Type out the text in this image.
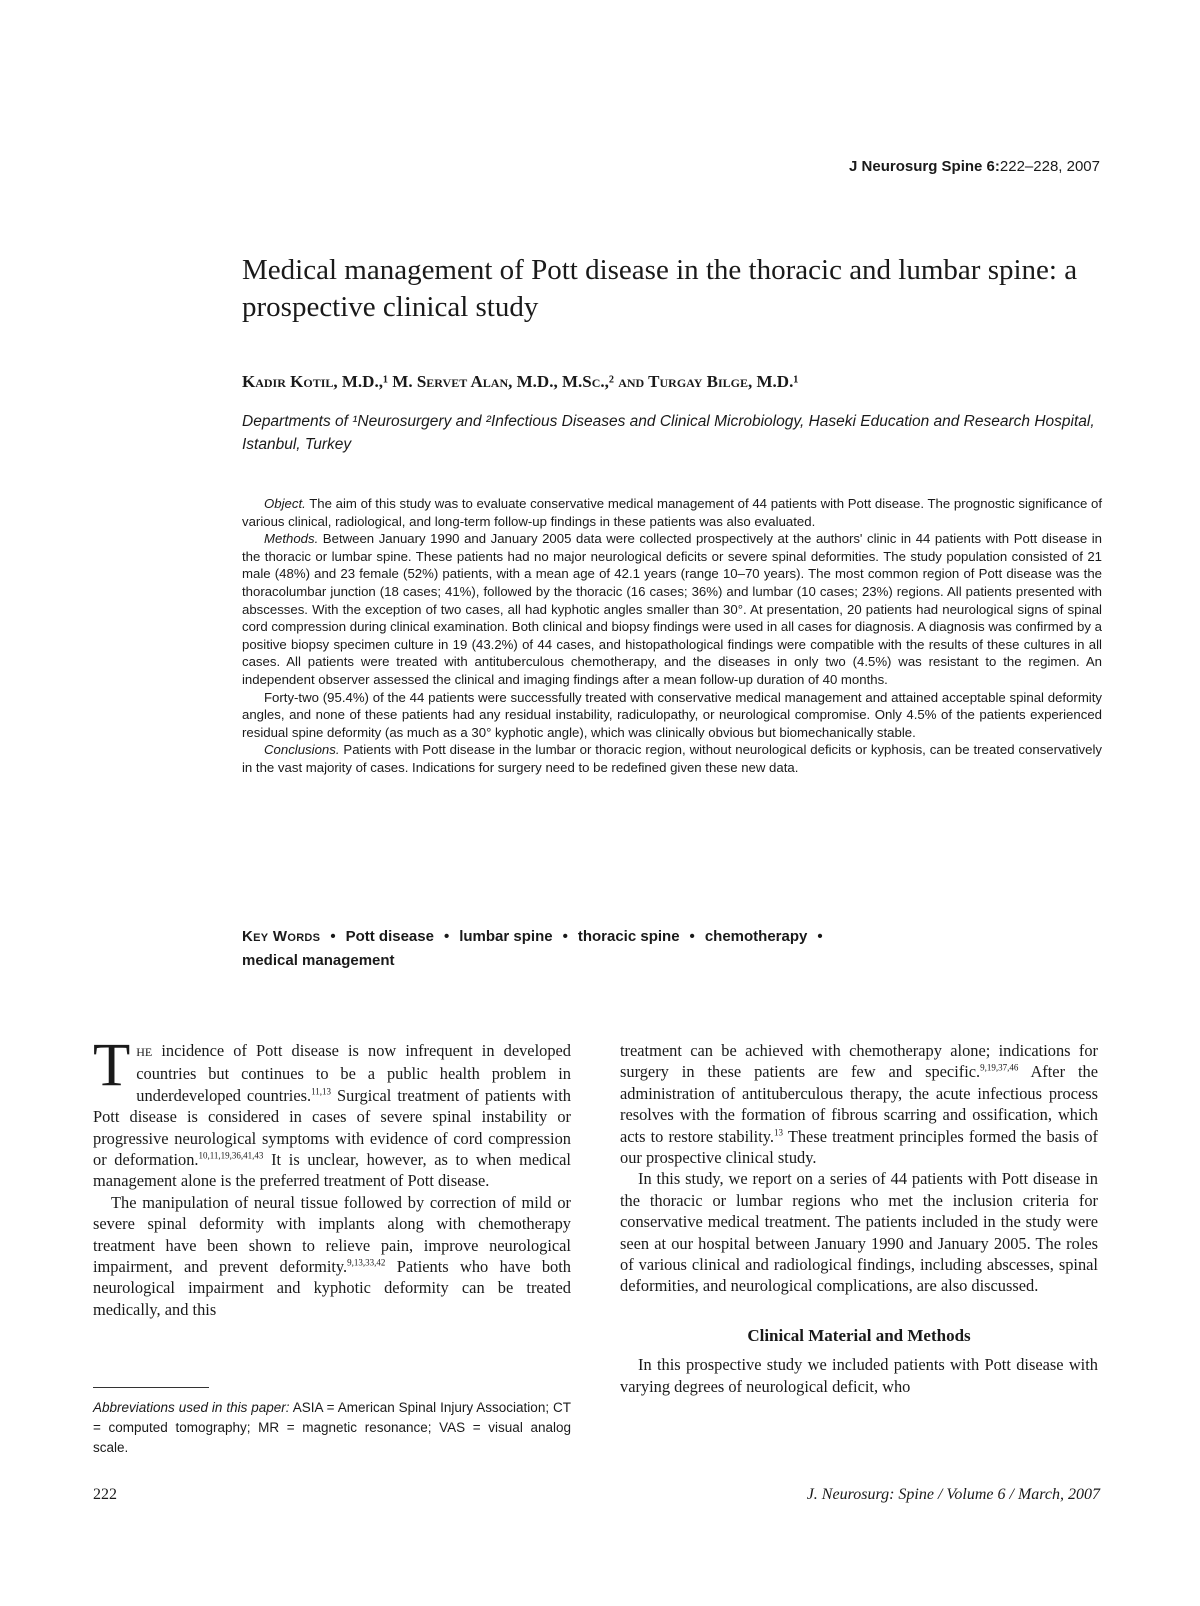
J Neurosurg Spine 6:222–228, 2007
Medical management of Pott disease in the thoracic and lumbar spine: a prospective clinical study

Kadir Kotil, M.D.,¹ M. Servet Alan, M.D., M.Sc.,² and Turgay Bilge, M.D.¹

Departments of ¹Neurosurgery and ²Infectious Diseases and Clinical Microbiology, Haseki Education and Research Hospital, Istanbul, Turkey

Object. The aim of this study was to evaluate conservative medical management of 44 patients with Pott disease. The prognostic significance of various clinical, radiological, and long-term follow-up findings in these patients was also evaluated.

Methods. Between January 1990 and January 2005 data were collected prospectively at the authors' clinic in 44 patients with Pott disease in the thoracic or lumbar spine. These patients had no major neurological deficits or severe spinal deformities. The study population consisted of 21 male (48%) and 23 female (52%) patients, with a mean age of 42.1 years (range 10–70 years). The most common region of Pott disease was the thoracolumbar junction (18 cases; 41%), followed by the thoracic (16 cases; 36%) and lumbar (10 cases; 23%) regions. All patients presented with abscesses. With the exception of two cases, all had kyphotic angles smaller than 30°. At presentation, 20 patients had neurological signs of spinal cord compression during clinical examination. Both clinical and biopsy findings were used in all cases for diagnosis. A diagnosis was confirmed by a positive biopsy specimen culture in 19 (43.2%) of 44 cases, and histopathological findings were compatible with the results of these cultures in all cases. All patients were treated with antituberculous chemotherapy, and the diseases in only two (4.5%) was resistant to the regimen. An independent observer assessed the clinical and imaging findings after a mean follow-up duration of 40 months.

Forty-two (95.4%) of the 44 patients were successfully treated with conservative medical management and attained acceptable spinal deformity angles, and none of these patients had any residual instability, radiculopathy, or neurological compromise. Only 4.5% of the patients experienced residual spine deformity (as much as a 30° kyphotic angle), which was clinically obvious but biomechanically stable.

Conclusions. Patients with Pott disease in the lumbar or thoracic region, without neurological deficits or kyphosis, can be treated conservatively in the vast majority of cases. Indications for surgery need to be redefined given these new data.

Key Words • Pott disease • lumbar spine • thoracic spine • chemotherapy •
medical management

THE incidence of Pott disease is now infrequent in developed countries but continues to be a public health problem in underdeveloped countries.$^{11,13}$ Surgical treatment of patients with Pott disease is considered in cases of severe spinal instability or progressive neurological symptoms with evidence of cord compression or deformation.$^{10,11,19,36,41,43}$ It is unclear, however, as to when medical management alone is the preferred treatment of Pott disease.

The manipulation of neural tissue followed by correction of mild or severe spinal deformity with implants along with chemotherapy treatment have been shown to relieve pain, improve neurological impairment, and prevent deformity.$^{9,13,33,42}$ Patients who have both neurological impairment and kyphotic deformity can be treated medically, and this

treatment can be achieved with chemotherapy alone; indications for surgery in these patients are few and specific.$^{9,19,37,46}$ After the administration of antituberculous therapy, the acute infectious process resolves with the formation of fibrous scarring and ossification, which acts to restore stability.$^{13}$ These treatment principles formed the basis of our prospective clinical study.

In this study, we report on a series of 44 patients with Pott disease in the thoracic or lumbar regions who met the inclusion criteria for conservative medical treatment. The patients included in the study were seen at our hospital between January 1990 and January 2005. The roles of various clinical and radiological findings, including abscesses, spinal deformities, and neurological complications, are also discussed.

Clinical Material and Methods

In this prospective study we included patients with Pott disease with varying degrees of neurological deficit, who

Abbreviations used in this paper: ASIA = American Spinal Injury Association; CT = computed tomography; MR = magnetic resonance; VAS = visual analog scale.

222	J. Neurosurg: Spine / Volume 6 / March, 2007
